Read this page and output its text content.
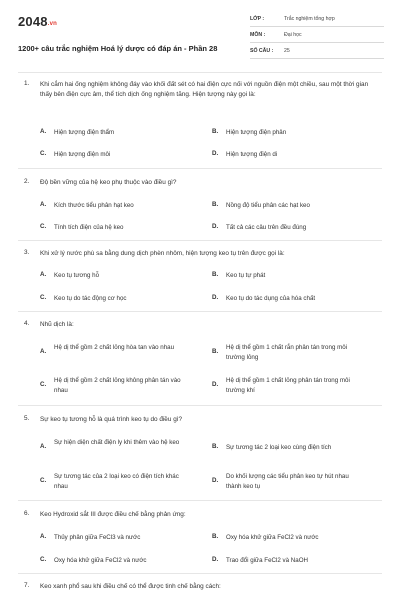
2048.vn
1200+ câu trắc nghiệm Hoá lý dược có đáp án - Phần 28
LỚP :	Trắc nghiệm tổng hợp
MÔN :	Đại học
SỐ CÂU : 25
1. Khi cắm hai ống nghiệm không đáy vào khối đất sét có hai điện cực nối với nguồn điện một chiều, sau một thời gian thấy bên điện cực âm, thể tích dịch ống nghiệm tăng. Hiện tượng này gọi là:
A. Hiện tượng điện thẩm	B. Hiện tượng điện phân
C. Hiện tượng điện môi	D. Hiện tượng điện di
2. Độ bền vững của hệ keo phụ thuộc vào điều gì?
A. Kích thước tiểu phân hạt keo	B. Nồng độ tiểu phân các hạt keo
C. Tính tích điện của hệ keo	D. Tất cả các câu trên đều đúng
3. Khi xử lý nước phù sa bằng dung dịch phèn nhôm, hiện tượng keo tụ trên được gọi là:
A. Keo tụ tương hỗ	B. Keo tụ tự phát
C. Keo tụ do tác động cơ học	D. Keo tụ do tác dụng của hóa chất
4. Nhũ dịch là:
A.
Hệ dị thể gồm 2 chất lỏng hòa tan vào nhau
B.
Hệ dị thể gồm 1 chất rắn phân tán trong môi trường lỏng
C.
Hệ dị thể gồm 2 chất lỏng không phân tán vào nhau
D.
Hệ dị thể gồm 1 chất lỏng phân tán trong môi trường khí
5. Sự keo tụ tương hỗ là quá trình keo tụ do điều gì?
A.
Sự hiện diện chất điện ly khi thêm vào hệ keo
B. Sự tương tác 2 loại keo cùng điện tích
C.
Sự tương tác của 2 loại keo có điện tích khác nhau
D.
Do khối lượng các tiểu phân keo tự hút nhau thành keo tụ
6. Keo Hydroxid sắt III được điều chế bằng phản ứng:
A. Thủy phân giữa FeCl3 và nước	B. Oxy hóa khử giữa FeCl2 và nước
C. Oxy hóa khử giữa FeCl2 và nước	D. Trao đổi giữa FeCl2 và NaOH
7. Keo xanh phổ sau khi điều chế có thể được tinh chế bằng cách:
